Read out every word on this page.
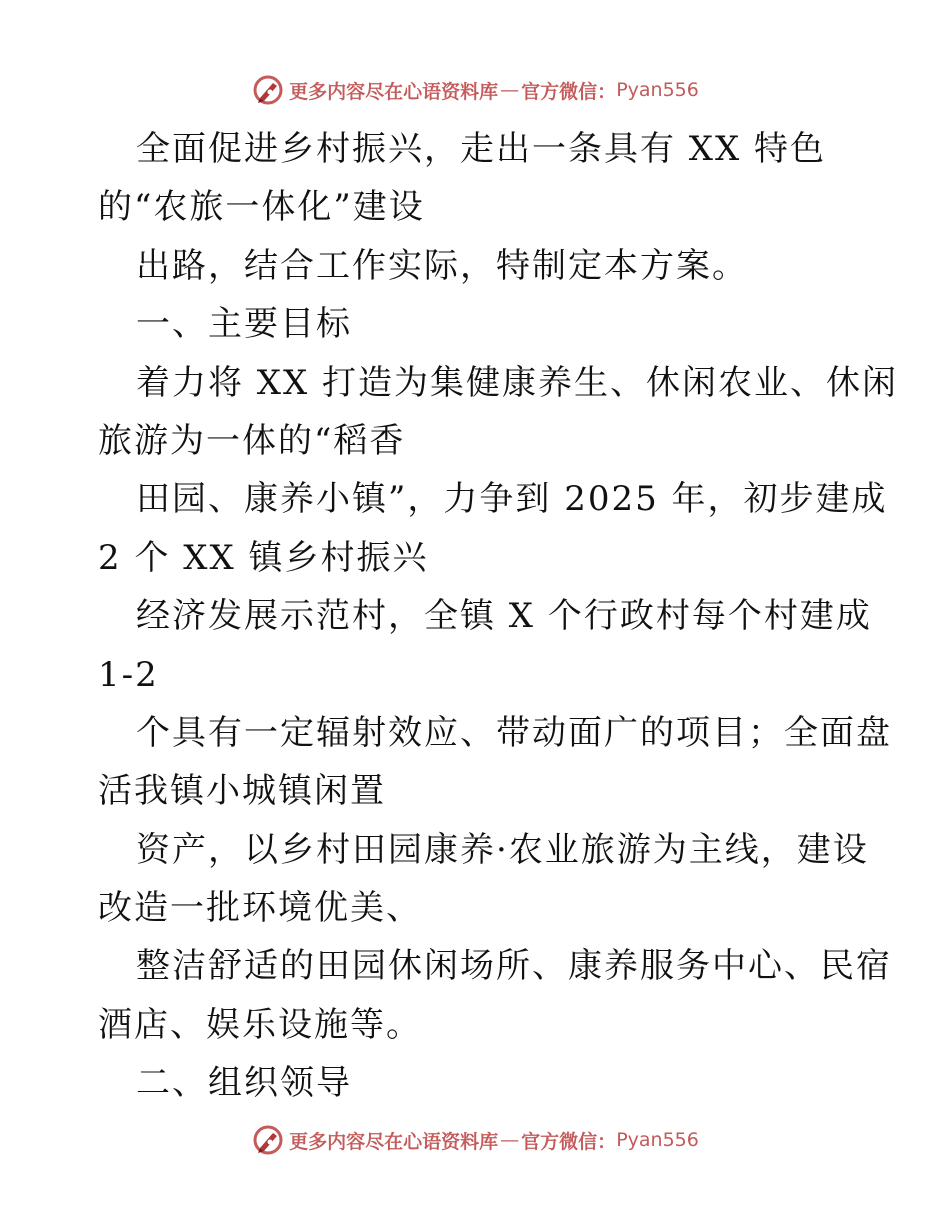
更多内容尽在心语资料库 — 官方微信： Pyan556
全面促进乡村振兴，走出一条具有 XX 特色
的“农旅一体化”建设
出路，结合工作实际，特制定本方案。
一、主要目标
着力将 XX 打造为集健康养生、休闲农业、休闲
旅游为一体的“稻香
田园、康养小镇”，力争到 2025 年，初步建成
2 个 XX 镇乡村振兴
经济发展示范村，全镇 X 个行政村每个村建成
1-2
个具有一定辐射效应、带动面广的项目；全面盘
活我镇小城镇闲置
资产，以乡村田园康养·农业旅游为主线，建设
改造一批环境优美、
整洁舒适的田园休闲场所、康养服务中心、民宿
酒店、娱乐设施等。
二、组织领导
更多内容尽在心语资料库 — 官方微信： Pyan556
